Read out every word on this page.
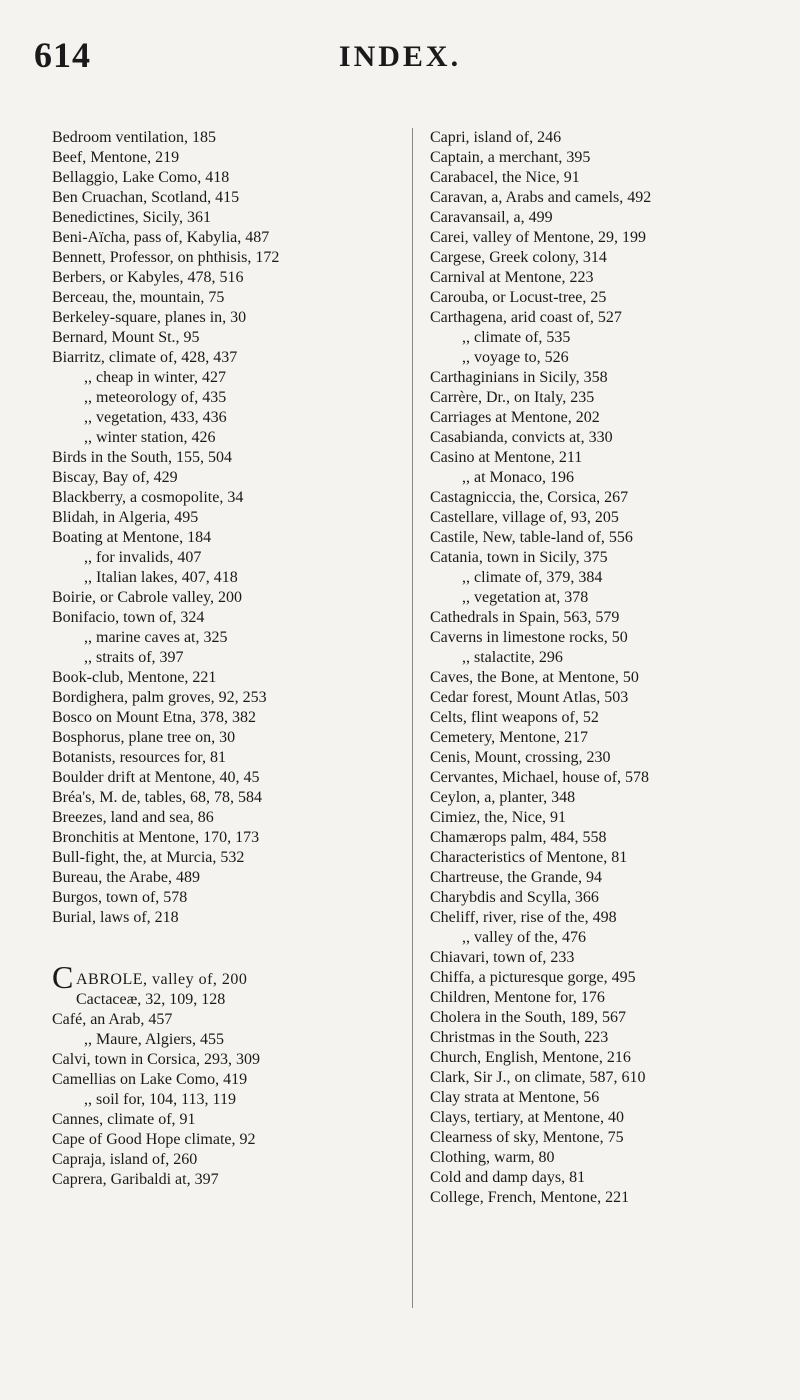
614	INDEX.
Bedroom ventilation, 185
Beef, Mentone, 219
Bellaggio, Lake Como, 418
Ben Cruachan, Scotland, 415
Benedictines, Sicily, 361
Beni-Aïcha, pass of, Kabylia, 487
Bennett, Professor, on phthisis, 172
Berbers, or Kabyles, 478, 516
Berceau, the, mountain, 75
Berkeley-square, planes in, 30
Bernard, Mount St., 95
Biarritz, climate of, 428, 437
,, cheap in winter, 427
,, meteorology of, 435
,, vegetation, 433, 436
,, winter station, 426
Birds in the South, 155, 504
Biscay, Bay of, 429
Blackberry, a cosmopolite, 34
Blidah, in Algeria, 495
Boating at Mentone, 184
,, for invalids, 407
,, Italian lakes, 407, 418
Boirie, or Cabrole valley, 200
Bonifacio, town of, 324
,, marine caves at, 325
,, straits of, 397
Book-club, Mentone, 221
Bordighera, palm groves, 92, 253
Bosco on Mount Etna, 378, 382
Bosphorus, plane tree on, 30
Botanists, resources for, 81
Boulder drift at Mentone, 40, 45
Bréa's, M. de, tables, 68, 78, 584
Breezes, land and sea, 86
Bronchitis at Mentone, 170, 173
Bull-fight, the, at Murcia, 532
Bureau, the Arabe, 489
Burgos, town of, 578
Burial, laws of, 218
C ABROLE, valley of, 200
Cactaceæ, 32, 109, 128
Café, an Arab, 457
,, Maure, Algiers, 455
Calvi, town in Corsica, 293, 309
Camellias on Lake Como, 419
,, soil for, 104, 113, 119
Cannes, climate of, 91
Cape of Good Hope climate, 92
Capraja, island of, 260
Caprera, Garibaldi at, 397
Capri, island of, 246
Captain, a merchant, 395
Carabacel, the Nice, 91
Caravan, a, Arabs and camels, 492
Caravansail, a, 499
Carei, valley of Mentone, 29, 199
Cargese, Greek colony, 314
Carnival at Mentone, 223
Carouba, or Locust-tree, 25
Carthagena, arid coast of, 527
,, climate of, 535
,, voyage to, 526
Carthaginians in Sicily, 358
Carrère, Dr., on Italy, 235
Carriages at Mentone, 202
Casabianda, convicts at, 330
Casino at Mentone, 211
,, at Monaco, 196
Castagniccia, the, Corsica, 267
Castellare, village of, 93, 205
Castile, New, table-land of, 556
Catania, town in Sicily, 375
,, climate of, 379, 384
,, vegetation at, 378
Cathedrals in Spain, 563, 579
Caverns in limestone rocks, 50
,, stalactite, 296
Caves, the Bone, at Mentone, 50
Cedar forest, Mount Atlas, 503
Celts, flint weapons of, 52
Cemetery, Mentone, 217
Cenis, Mount, crossing, 230
Cervantes, Michael, house of, 578
Ceylon, a, planter, 348
Cimiez, the, Nice, 91
Chamærops palm, 484, 558
Characteristics of Mentone, 81
Chartreuse, the Grande, 94
Charybdis and Scylla, 366
Cheliff, river, rise of the, 498
,, valley of the, 476
Chiavari, town of, 233
Chiffa, a picturesque gorge, 495
Children, Mentone for, 176
Cholera in the South, 189, 567
Christmas in the South, 223
Church, English, Mentone, 216
Clark, Sir J., on climate, 587, 610
Clay strata at Mentone, 56
Clays, tertiary, at Mentone, 40
Clearness of sky, Mentone, 75
Clothing, warm, 80
Cold and damp days, 81
College, French, Mentone, 221
